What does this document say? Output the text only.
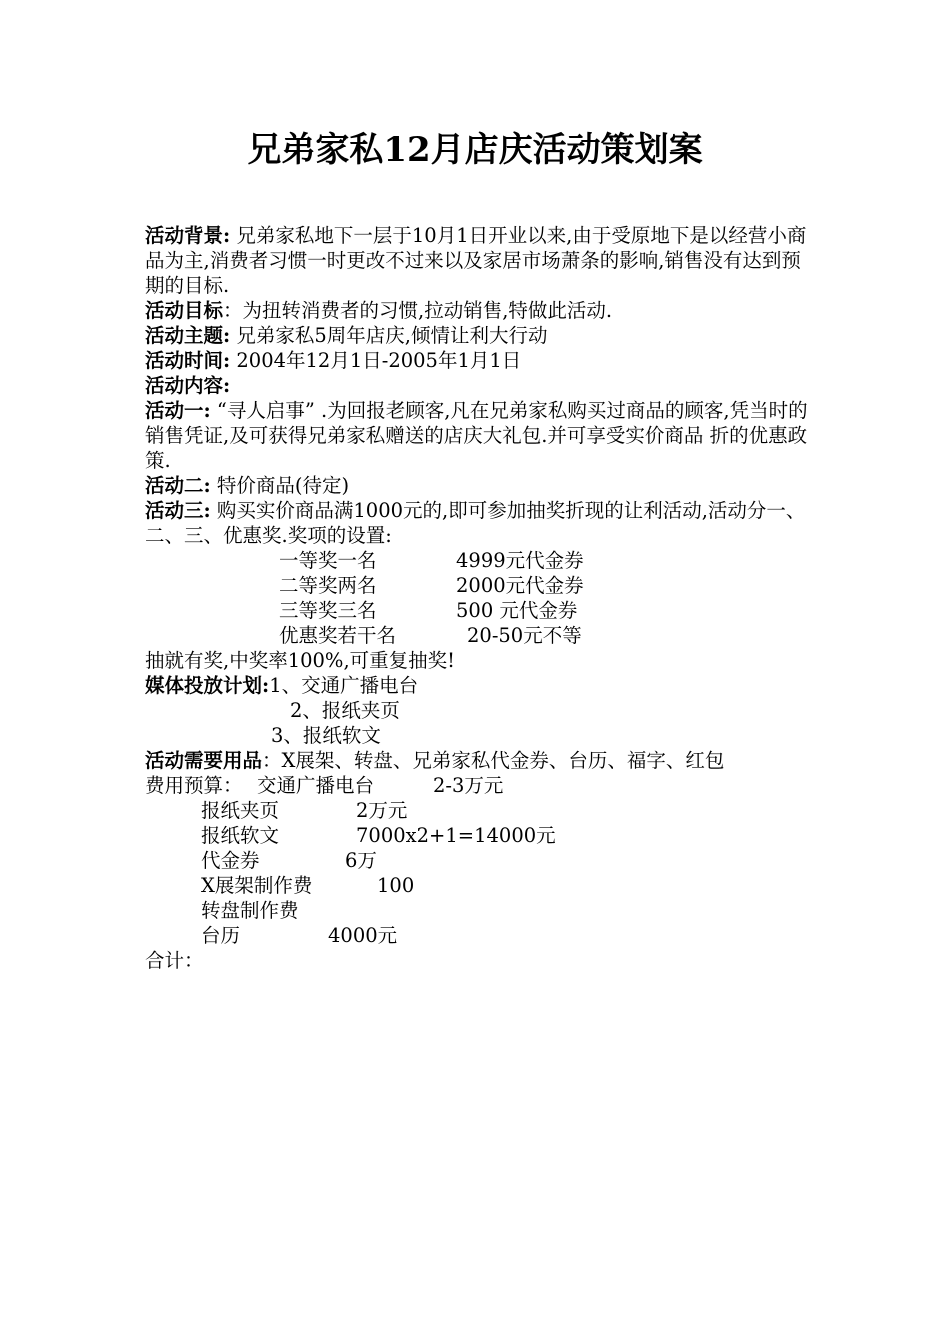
兄弟家私12月店庆活动策划案
活动背景: 兄弟家私地下一层于10月1日开业以来,由于受原地下是以经营小商品为主,消费者习惯一时更改不过来以及家居市场萧条的影响,销售没有达到预期的目标.
活动目标：为扭转消费者的习惯,拉动销售,特做此活动.
活动主题: 兄弟家私5周年店庆,倾情让利大行动
活动时间: 2004年12月1日-2005年1月1日
活动内容:
活动一: “寻人启事” .为回报老顾客,凡在兄弟家私购买过商品的顾客,凭当时的销售凭证,及可获得兄弟家私赠送的店庆大礼包.并可享受实价商品 折的优惠政策.
活动二: 特价商品(待定)
活动三: 购买实价商品满1000元的,即可参加抽奖折现的让利活动,活动分一、二、三、优惠奖.奖项的设置:
一等奖一名	4999元代金券
二等奖两名	2000元代金券
三等奖三名	500 元代金券
优惠奖若干名	20-50元不等
抽就有奖,中奖率100%,可重复抽奖!
媒体投放计划:1、交通广播电台
2、报纸夹页
3、报纸软文
活动需要用品：X展架、转盘、兄弟家私代金券、台历、福字、红包
费用预算： 交通广播电台	2-3万元
报纸夹页	2万元
报纸软文	7000x2+1=14000元
代金券	6万
X展架制作费	100
转盘制作费
台历	4000元
合计：
